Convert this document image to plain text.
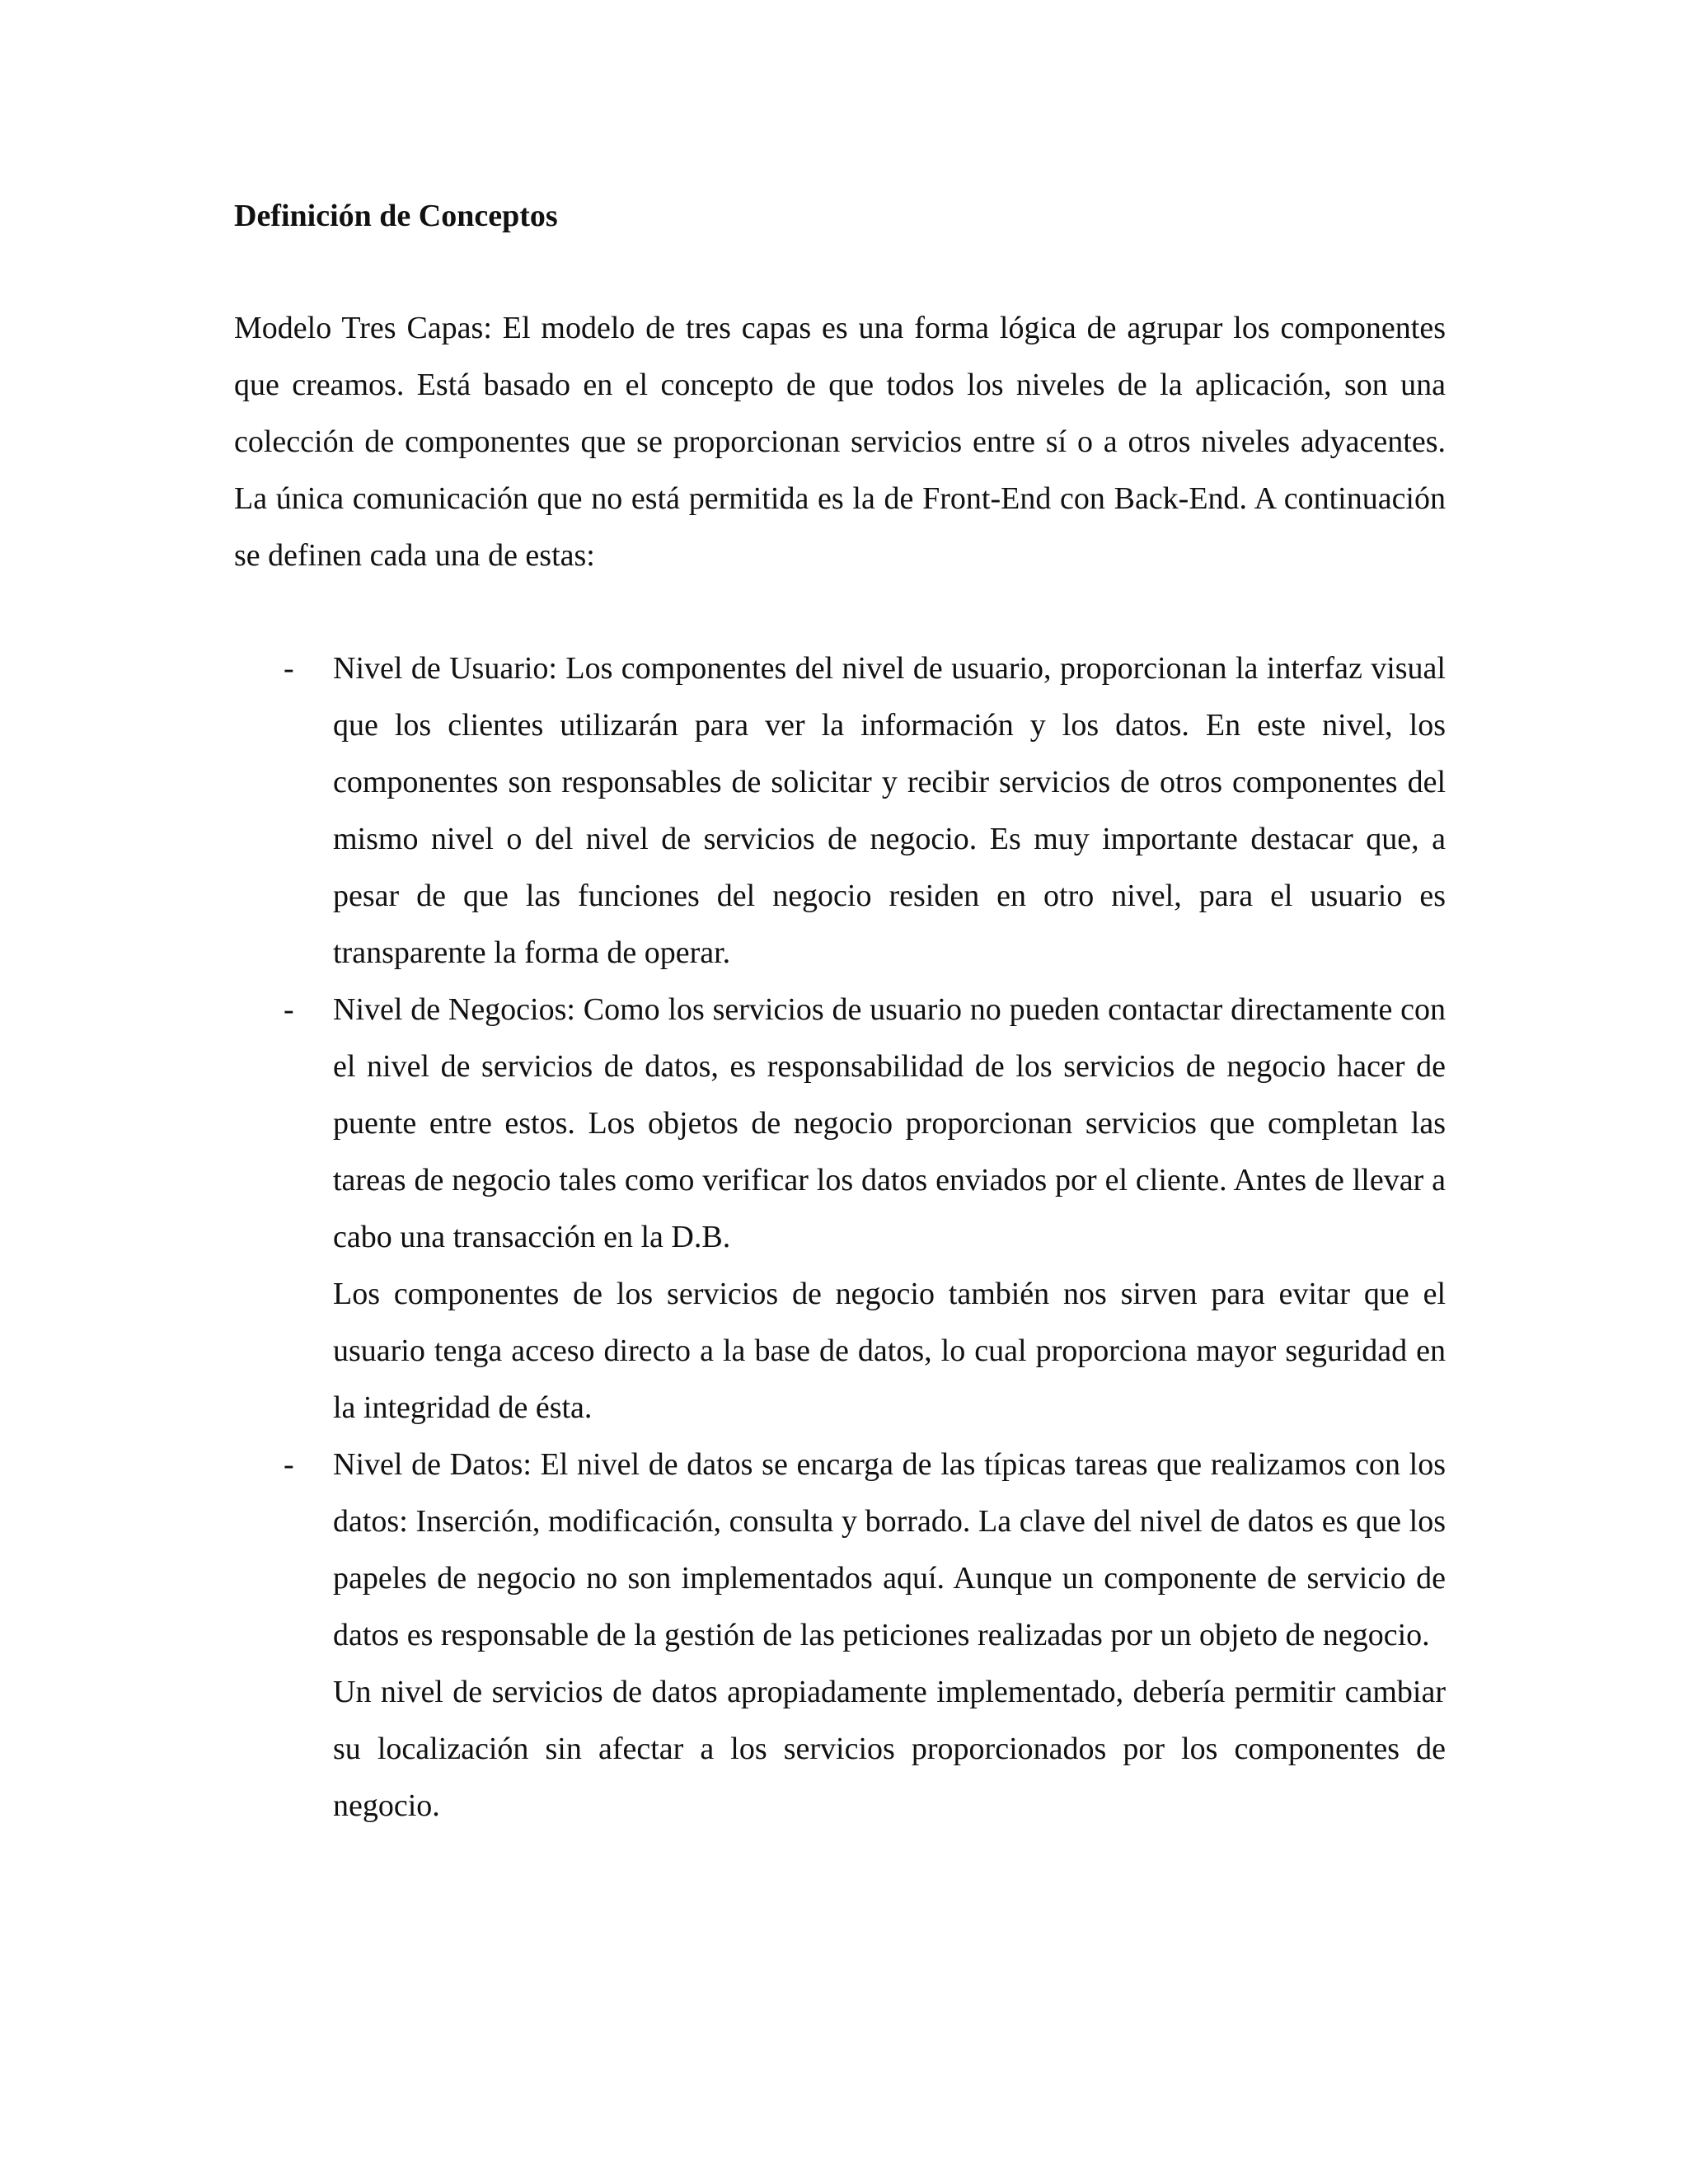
Definición de Conceptos

Modelo Tres Capas: El modelo de tres capas es una forma lógica de agrupar los componentes que creamos. Está basado en el concepto de que todos los niveles de la aplicación, son una colección de componentes que se proporcionan servicios entre sí o a otros niveles adyacentes. La única comunicación que no está permitida es la de Front-End con Back-End. A continuación se definen cada una de estas:

- Nivel de Usuario: Los componentes del nivel de usuario, proporcionan la interfaz visual que los clientes utilizarán para ver la información y los datos. En este nivel, los componentes son responsables de solicitar y recibir servicios de otros componentes del mismo nivel o del nivel de servicios de negocio. Es muy importante destacar que, a pesar de que las funciones del negocio residen en otro nivel, para el usuario es transparente la forma de operar.

- Nivel de Negocios: Como los servicios de usuario no pueden contactar directamente con el nivel de servicios de datos, es responsabilidad de los servicios de negocio hacer de puente entre estos. Los objetos de negocio proporcionan servicios que completan las tareas de negocio tales como verificar los datos enviados por el cliente. Antes de llevar a cabo una transacción en la D.B.

Los componentes de los servicios de negocio también nos sirven para evitar que el usuario tenga acceso directo a la base de datos, lo cual proporciona mayor seguridad en la integridad de ésta.

- Nivel de Datos: El nivel de datos se encarga de las típicas tareas que realizamos con los datos: Inserción, modificación, consulta y borrado. La clave del nivel de datos es que los papeles de negocio no son implementados aquí. Aunque un componente de servicio de datos es responsable de la gestión de las peticiones realizadas por un objeto de negocio.

Un nivel de servicios de datos apropiadamente implementado, debería permitir cambiar su localización sin afectar a los servicios proporcionados por los componentes de negocio.
